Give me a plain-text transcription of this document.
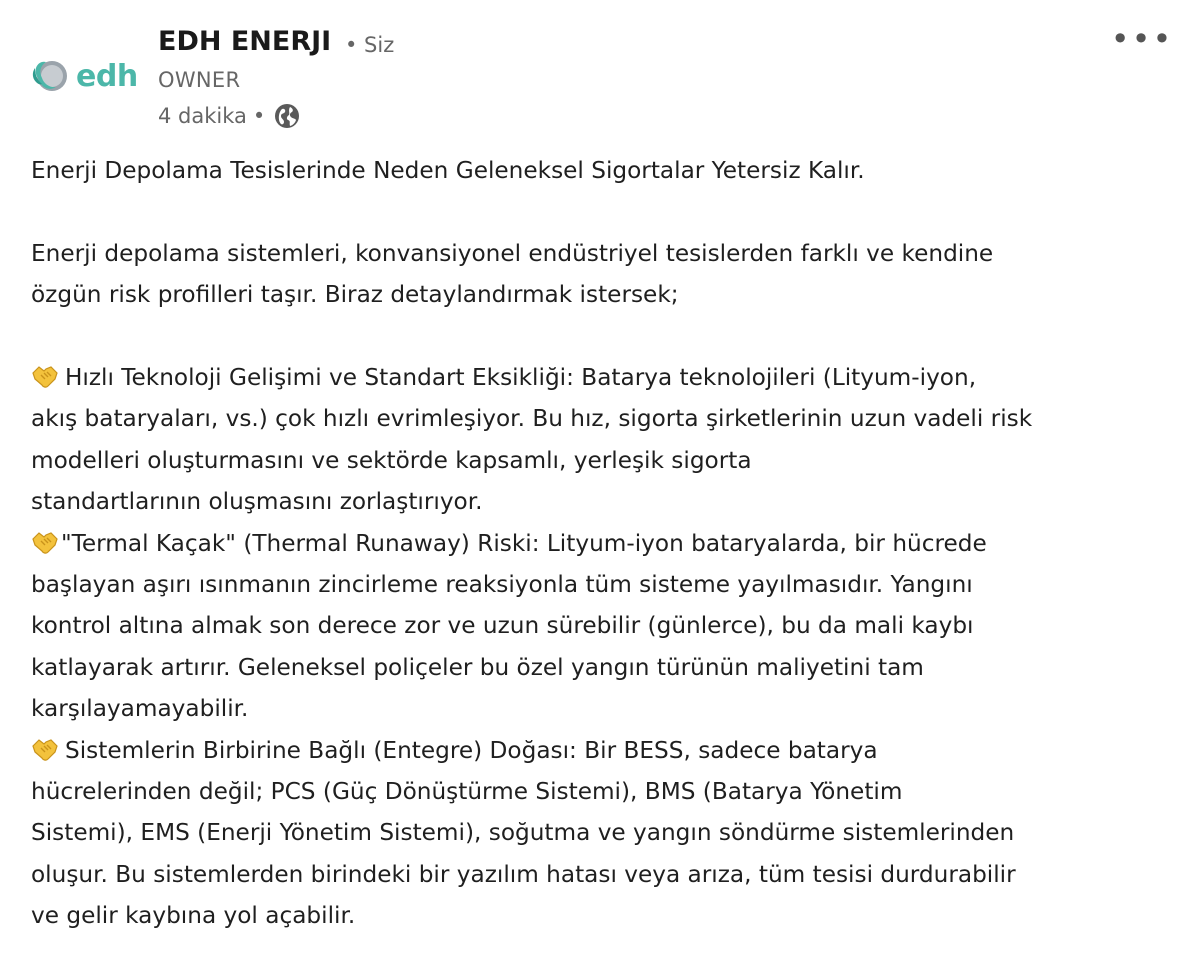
edh
EDH ENERJI • Siz
OWNER
4 dakika •
•••

Enerji Depolama Tesislerinde Neden Geleneksel Sigortalar Yetersiz Kalır.

Enerji depolama sistemleri, konvansiyonel endüstriyel tesislerden farklı ve kendine
özgün risk profilleri taşır. Biraz detaylandırmak istersek;

Hızlı Teknoloji Gelişimi ve Standart Eksikliği: Batarya teknolojileri (Lityum-iyon,
akış bataryaları, vs.) çok hızlı evrimleşiyor. Bu hız, sigorta şirketlerinin uzun vadeli risk
modelleri oluşturmasını ve sektörde kapsamlı, yerleşik sigorta
standartlarının oluşmasını zorlaştırıyor.

"Termal Kaçak" (Thermal Runaway) Riski: Lityum-iyon bataryalarda, bir hücrede
başlayan aşırı ısınmanın zincirleme reaksiyonla tüm sisteme yayılmasıdır. Yangını
kontrol altına almak son derece zor ve uzun sürebilir (günlerce), bu da mali kaybı
katlayarak artırır. Geleneksel poliçeler bu özel yangın türünün maliyetini tam
karşılayamayabilir.

Sistemlerin Birbirine Bağlı (Entegre) Doğası: Bir BESS, sadece batarya
hücrelerinden değil; PCS (Güç Dönüştürme Sistemi), BMS (Batarya Yönetim
Sistemi), EMS (Enerji Yönetim Sistemi), soğutma ve yangın söndürme sistemlerinden
oluşur. Bu sistemlerden birindeki bir yazılım hatası veya arıza, tüm tesisi durdurabilir
ve gelir kaybına yol açabilir.
